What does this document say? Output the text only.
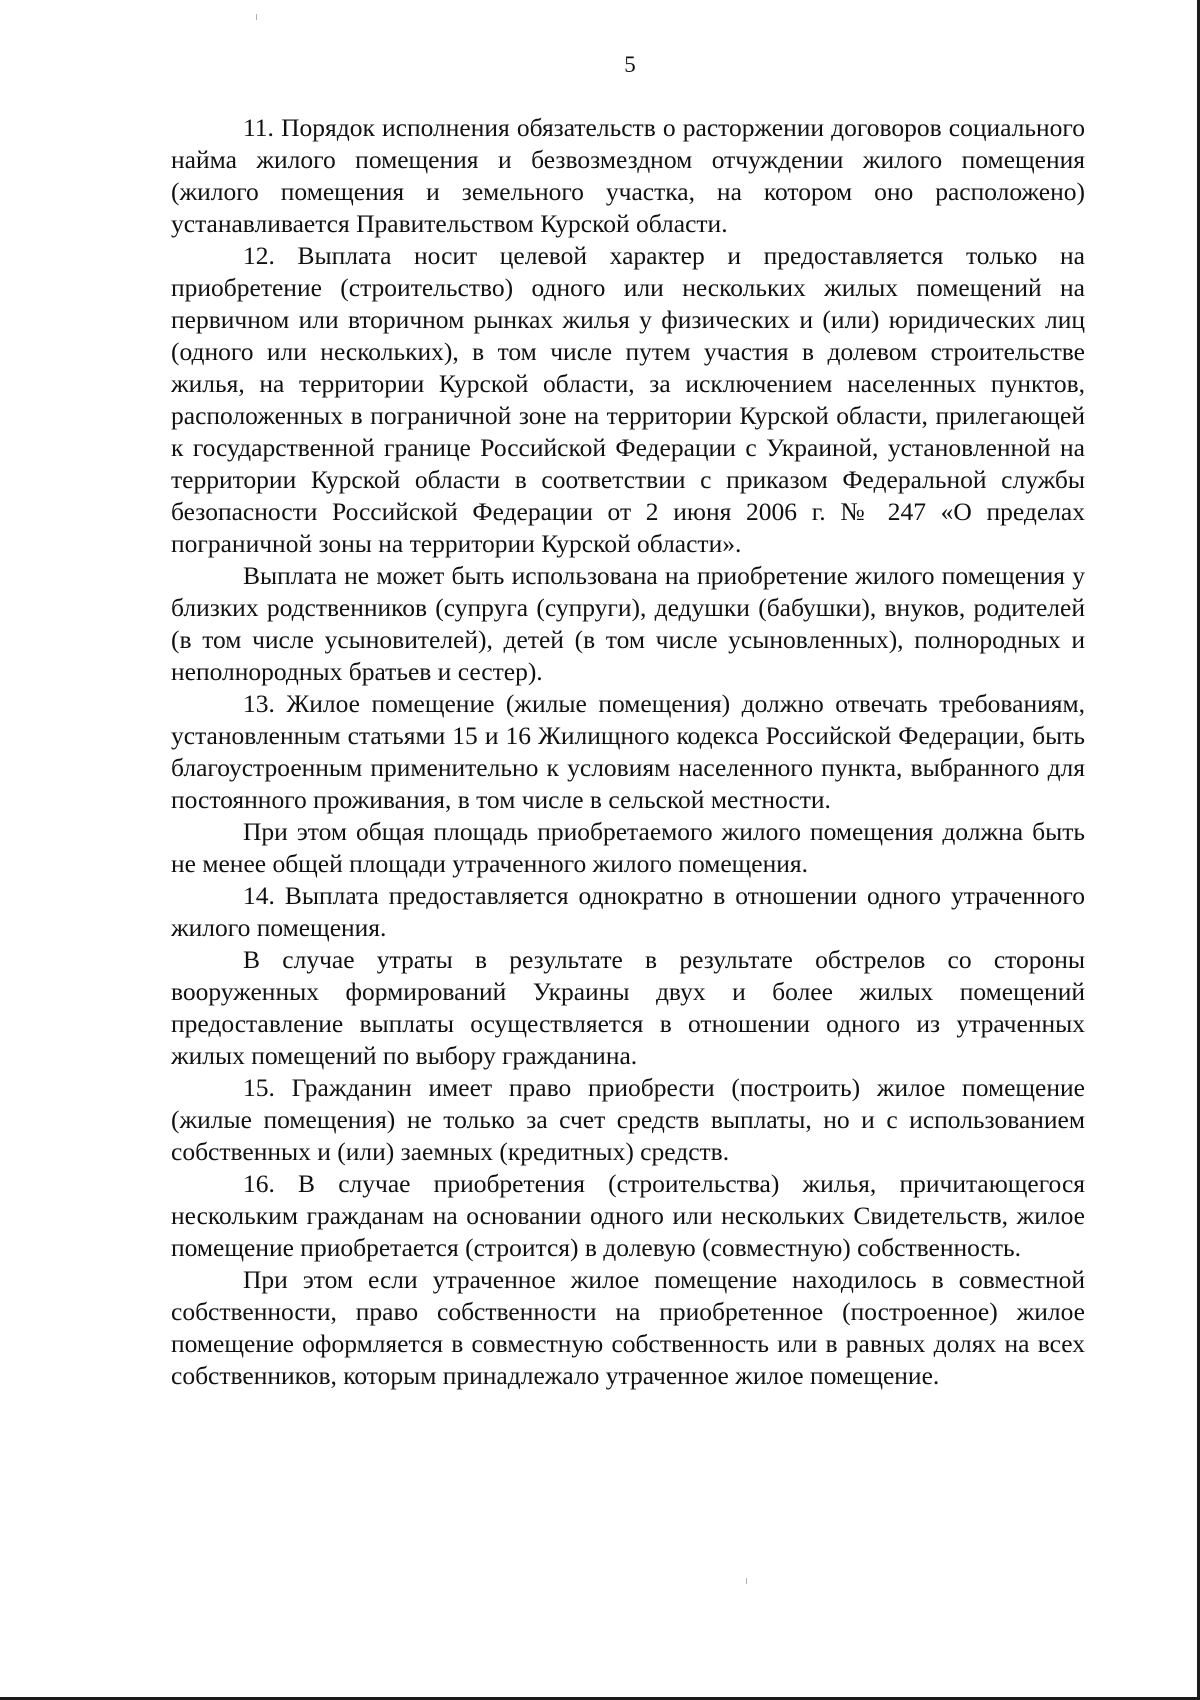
5

11. Порядок исполнения обязательств о расторжении договоров социального найма жилого помещения и безвозмездном отчуждении жилого помещения (жилого помещения и земельного участка, на котором оно расположено) устанавливается Правительством Курской области.

12. Выплата носит целевой характер и предоставляется только на приобретение (строительство) одного или нескольких жилых помещений на первичном или вторичном рынках жилья у физических и (или) юридических лиц (одного или нескольких), в том числе путем участия в долевом строительстве жилья, на территории Курской области, за исключением населенных пунктов, расположенных в пограничной зоне на территории Курской области, прилегающей к государственной границе Российской Федерации с Украиной, установленной на территории Курской области в соответствии с приказом Федеральной службы безопасности Российской Федерации от 2 июня 2006 г. № 247 «О пределах пограничной зоны на территории Курской области».

Выплата не может быть использована на приобретение жилого помещения у близких родственников (супруга (супруги), дедушки (бабушки), внуков, родителей (в том числе усыновителей), детей (в том числе усыновленных), полнородных и неполнородных братьев и сестер).

13. Жилое помещение (жилые помещения) должно отвечать требованиям, установленным статьями 15 и 16 Жилищного кодекса Российской Федерации, быть благоустроенным применительно к условиям населенного пункта, выбранного для постоянного проживания, в том числе в сельской местности.

При этом общая площадь приобретаемого жилого помещения должна быть не менее общей площади утраченного жилого помещения.

14. Выплата предоставляется однократно в отношении одного утраченного жилого помещения.

В случае утраты в результате в результате обстрелов со стороны вооруженных формирований Украины двух и более жилых помещений предоставление выплаты осуществляется в отношении одного из утраченных жилых помещений по выбору гражданина.

15. Гражданин имеет право приобрести (построить) жилое помещение (жилые помещения) не только за счет средств выплаты, но и с использованием собственных и (или) заемных (кредитных) средств.

16. В случае приобретения (строительства) жилья, причитающегося нескольким гражданам на основании одного или нескольких Свидетельств, жилое помещение приобретается (строится) в долевую (совместную) собственность.

При этом если утраченное жилое помещение находилось в совместной собственности, право собственности на приобретенное (построенное) жилое помещение оформляется в совместную собственность или в равных долях на всех собственников, которым принадлежало утраченное жилое помещение.
